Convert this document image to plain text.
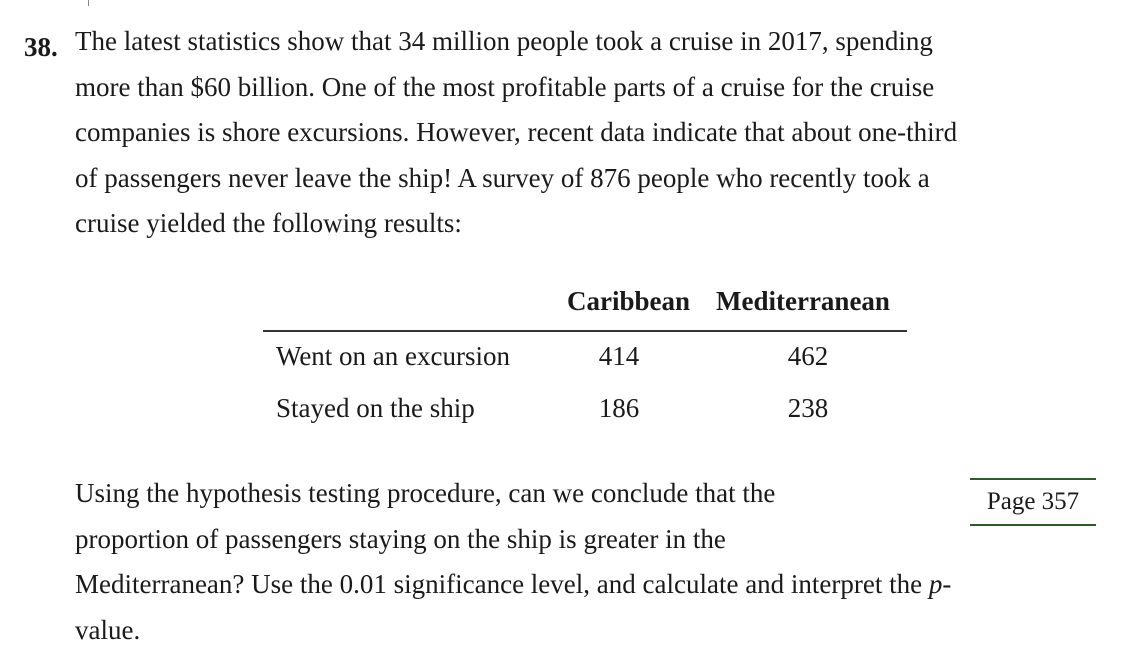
38. The latest statistics show that 34 million people took a cruise in 2017, spending
more than $60 billion. One of the most profitable parts of a cruise for the cruise
companies is shore excursions. However, recent data indicate that about one-third
of passengers never leave the ship! A survey of 876 people who recently took a
cruise yielded the following results:
Caribbean Mediterranean
Went on an excursion	414	462
Stayed on the ship	186	238
Using the hypothesis testing procedure, can we conclude that the
proportion of passengers staying on the ship is greater in the
Mediterranean? Use the 0.01 significance level, and calculate and interpret the p-
value.
Page 357
